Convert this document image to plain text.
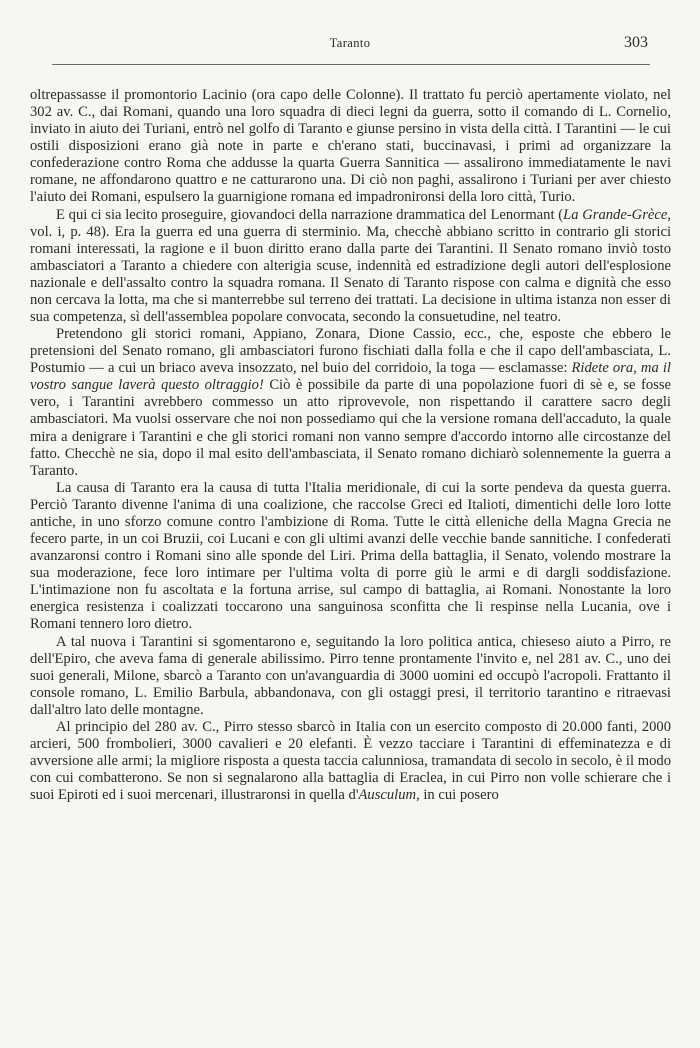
Taranto	303

oltrepassasse il promontorio Lacinio (ora capo delle Colonne). Il trattato fu perciò apertamente violato, nel 302 av. C., dai Romani, quando una loro squadra di dieci legni da guerra, sotto il comando di L. Cornelio, inviato in aiuto dei Turiani, entrò nel golfo di Taranto e giunse persino in vista della città. I Tarantini — le cui ostili disposizioni erano già note in parte e ch'erano stati, buccinavasi, i primi ad organizzare la confederazione contro Roma che addusse la quarta Guerra Sannitica — assalirono immediatamente le navi romane, ne affondarono quattro e ne catturarono una. Di ciò non paghi, assalirono i Turiani per aver chiesto l'aiuto dei Romani, espulsero la guarnigione romana ed impadronironsi della loro città, Turio.

E qui ci sia lecito proseguire, giovandoci della narrazione drammatica del Lenormant (La Grande-Grèce, vol. i, p. 48). Era la guerra ed una guerra di sterminio. Ma, checchè abbiano scritto in contrario gli storici romani interessati, la ragione e il buon diritto erano dalla parte dei Tarantini. Il Senato romano inviò tosto ambasciatori a Taranto a chiedere con alterigia scuse, indennità ed estradizione degli autori dell'esplosione nazionale e dell'assalto contro la squadra romana. Il Senato di Taranto rispose con calma e dignità che esso non cercava la lotta, ma che si manterrebbe sul terreno dei trattati. La decisione in ultima istanza non esser di sua competenza, sì dell'assemblea popolare convocata, secondo la consuetudine, nel teatro.

Pretendono gli storici romani, Appiano, Zonara, Dione Cassio, ecc., che, esposte che ebbero le pretensioni del Senato romano, gli ambasciatori furono fischiati dalla folla e che il capo dell'ambasciata, L. Postumio — a cui un briaco aveva insozzato, nel buio del corridoio, la toga — esclamasse: Ridete ora, ma il vostro sangue laverà questo oltraggio! Ciò è possibile da parte di una popolazione fuori di sè e, se fosse vero, i Tarantini avrebbero commesso un atto riprovevole, non rispettando il carattere sacro degli ambasciatori. Ma vuolsi osservare che noi non possediamo qui che la versione romana dell'accaduto, la quale mira a denigrare i Tarantini e che gli storici romani non vanno sempre d'accordo intorno alle circostanze del fatto. Checchè ne sia, dopo il mal esito dell'ambasciata, il Senato romano dichiarò solennemente la guerra a Taranto.

La causa di Taranto era la causa di tutta l'Italia meridionale, di cui la sorte pendeva da questa guerra. Perciò Taranto divenne l'anima di una coalizione, che raccolse Greci ed Italioti, dimentichi delle loro lotte antiche, in uno sforzo comune contro l'ambizione di Roma. Tutte le città elleniche della Magna Grecia ne fecero parte, in un coi Bruzii, coi Lucani e con gli ultimi avanzi delle vecchie bande sannitiche. I confederati avanzaronsi contro i Romani sino alle sponde del Liri. Prima della battaglia, il Senato, volendo mostrare la sua moderazione, fece loro intimare per l'ultima volta di porre giù le armi e di dargli soddisfazione. L'intimazione non fu ascoltata e la fortuna arrise, sul campo di battaglia, ai Romani. Nonostante la loro energica resistenza i coalizzati toccarono una sanguinosa sconfitta che li respinse nella Lucania, ove i Romani tennero loro dietro.

A tal nuova i Tarantini si sgomentarono e, seguitando la loro politica antica, chieseso aiuto a Pirro, re dell'Epiro, che aveva fama di generale abilissimo. Pirro tenne prontamente l'invito e, nel 281 av. C., uno dei suoi generali, Milone, sbarcò a Taranto con un'avanguardia di 3000 uomini ed occupò l'acropoli. Frattanto il console romano, L. Emilio Barbula, abbandonava, con gli ostaggi presi, il territorio tarantino e ritraevasi dall'altro lato delle montagne.

Al principio del 280 av. C., Pirro stesso sbarcò in Italia con un esercito composto di 20.000 fanti, 2000 arcieri, 500 frombolieri, 3000 cavalieri e 20 elefanti. È vezzo tacciare i Tarantini di effeminatezza e di avversione alle armi; la migliore risposta a questa taccia calunniosa, tramandata di secolo in secolo, è il modo con cui combatterono. Se non si segnalarono alla battaglia di Eraclea, in cui Pirro non volle schierare che i suoi Epiroti ed i suoi mercenari, illustraronsi in quella d'Ausculum, in cui posero
